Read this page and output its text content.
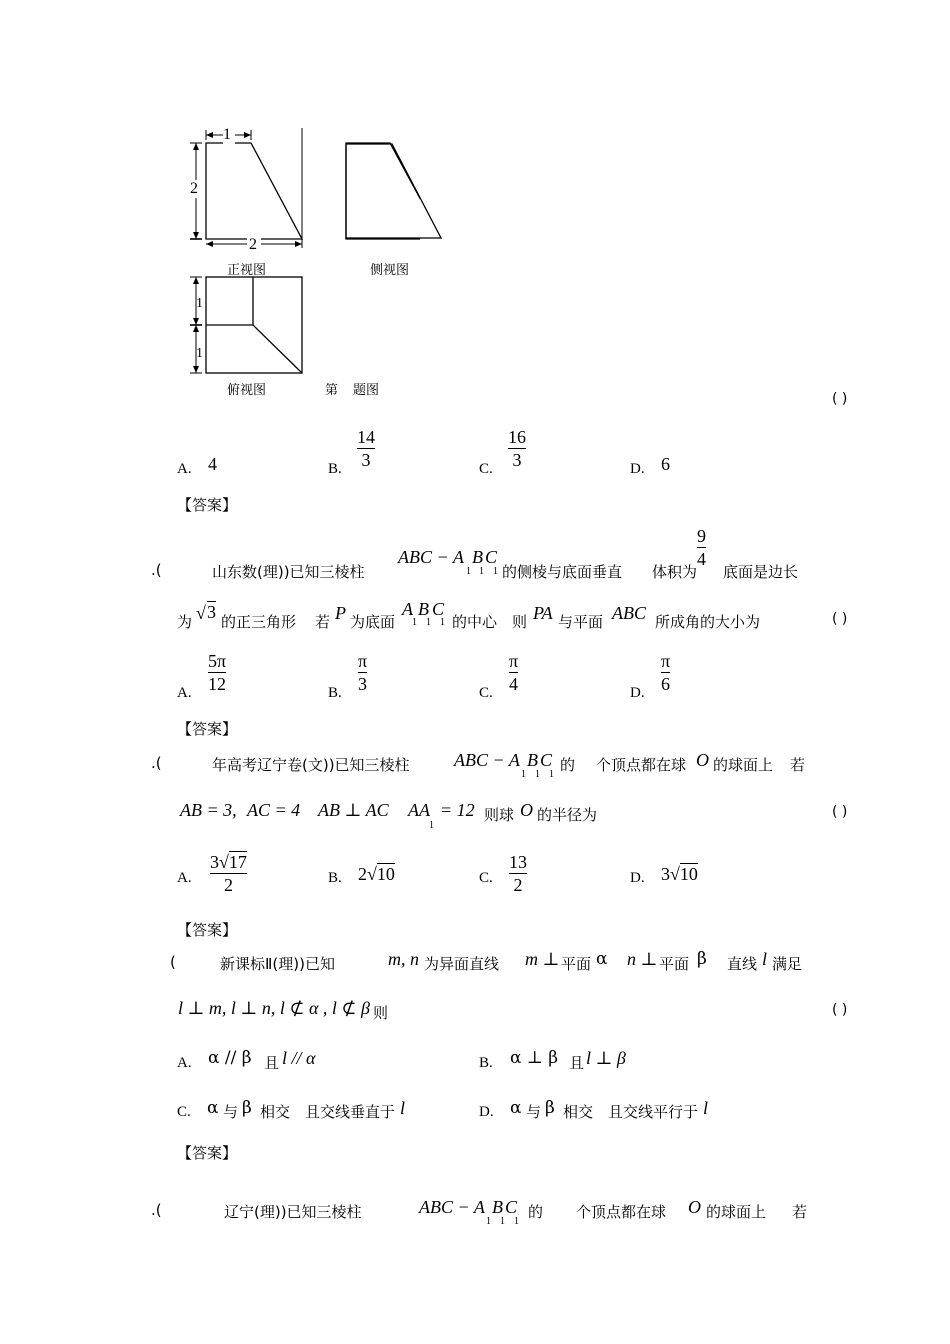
1
2
2
1
1
正视图	侧视图
俯视图	第 题图
( )
A. 4	B.
14
3	C.
16
3	D. 6
【答案】
.(	山东数(理))已知三棱柱
ABC − A B C
1 1 1 的侧棱与底面垂直 体积为
9
4
底面是边长
为 √ 3 的正三角形 若 P 为底面
A B C
1 1 1 的中心 则 PA 与平面 ABC 所成角的大小为	( )
A.
5π
12	B.
π
3	C.
π
4	D.
π
6
【答案】
.(	年高考辽宁卷(文))已知三棱柱 ABC − A B C
1 1 1
的 个顶点都在球 O 的球面上 若
AB = 3, AC = 4 AB ⊥ AC AA
1
= 12 则球 O 的半径为	( )
A.
3√17
2	B. 2√10	C.
13
2	D. 3√10
【答案】
(	新课标Ⅱ(理))已知	m, n 为异面直线 m ⊥ 平面 α n ⊥ 平面 β 直线 l 满足
l ⊥ m, l ⊥ n, l ⊄ α , l ⊄ β 则	( )
A. α // β 且 l // α	B. α ⊥ β 且 l ⊥ β
C. α 与 β 相交 且交线垂直于 l	D. α 与 β 相交 且交线平行于 l
【答案】
.(	辽宁(理))已知三棱柱	ABC − A B C
1 1 1
的 个顶点都在球 O 的球面上 若
